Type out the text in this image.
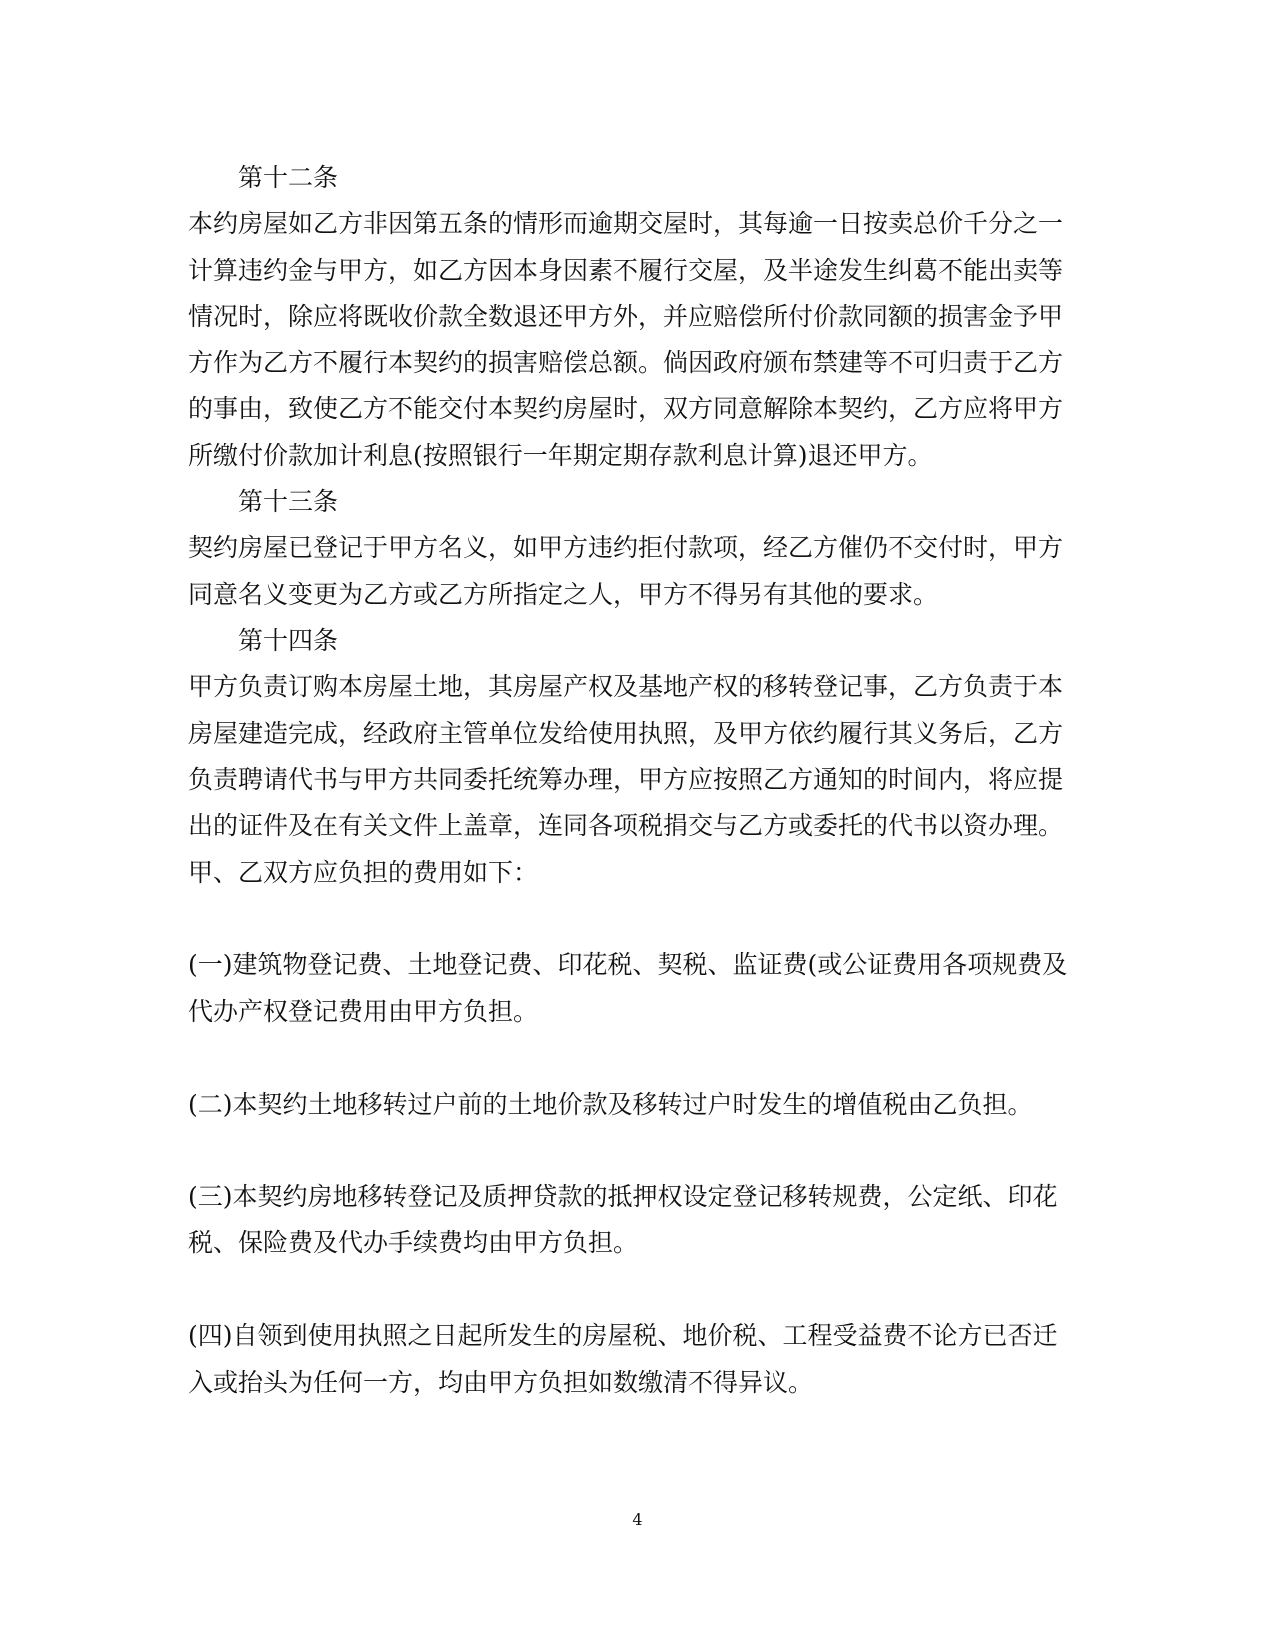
第十二条
本约房屋如乙方非因第五条的情形而逾期交屋时，其每逾一日按卖总价千分之一
计算违约金与甲方，如乙方因本身因素不履行交屋，及半途发生纠葛不能出卖等
情况时，除应将既收价款全数退还甲方外，并应赔偿所付价款同额的损害金予甲
方作为乙方不履行本契约的损害赔偿总额。倘因政府颁布禁建等不可归责于乙方
的事由，致使乙方不能交付本契约房屋时，双方同意解除本契约，乙方应将甲方
所缴付价款加计利息(按照银行一年期定期存款利息计算)退还甲方。
第十三条
契约房屋已登记于甲方名义，如甲方违约拒付款项，经乙方催仍不交付时，甲方
同意名义变更为乙方或乙方所指定之人，甲方不得另有其他的要求。
第十四条
甲方负责订购本房屋土地，其房屋产权及基地产权的移转登记事，乙方负责于本
房屋建造完成，经政府主管单位发给使用执照，及甲方依约履行其义务后，乙方
负责聘请代书与甲方共同委托统筹办理，甲方应按照乙方通知的时间内，将应提
出的证件及在有关文件上盖章，连同各项税捐交与乙方或委托的代书以资办理。
甲、乙双方应负担的费用如下：
(一)建筑物登记费、土地登记费、印花税、契税、监证费(或公证费用各项规费及
代办产权登记费用由甲方负担。
(二)本契约土地移转过户前的土地价款及移转过户时发生的增值税由乙负担。
(三)本契约房地移转登记及质押贷款的抵押权设定登记移转规费，公定纸、印花
税、保险费及代办手续费均由甲方负担。
(四)自领到使用执照之日起所发生的房屋税、地价税、工程受益费不论方已否迁
入或抬头为任何一方，均由甲方负担如数缴清不得异议。
4
